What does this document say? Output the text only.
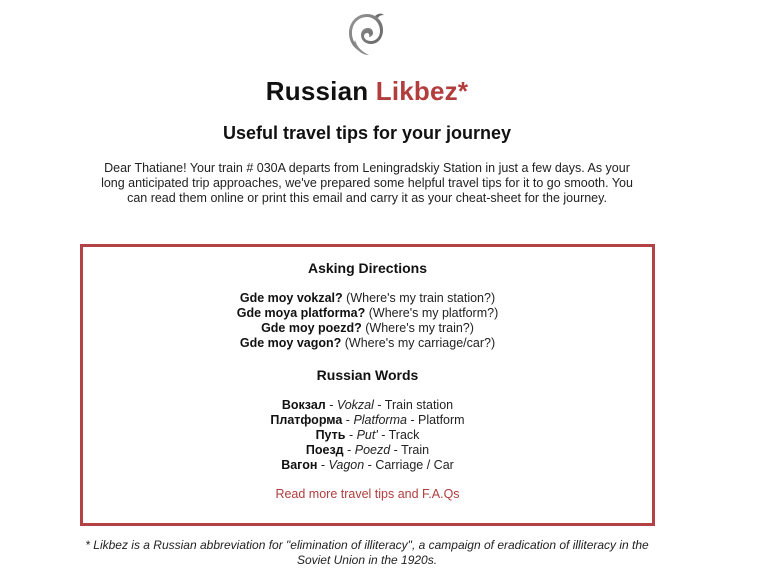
Russian Likbez*
Useful travel tips for your journey
Dear Thatiane! Your train # 030A departs from Leningradskiy Station in just a few days. As your long anticipated trip approaches, we've prepared some helpful travel tips for it to go smooth. You can read them online or print this email and carry it as your cheat-sheet for the journey.
Asking Directions
Gde moy vokzal? (Where's my train station?)
Gde moya platforma? (Where's my platform?)
Gde moy poezd? (Where's my train?)
Gde moy vagon? (Where's my carriage/car?)
Russian Words
Вокзал - Vokzal - Train station
Платформа - Platforma - Platform
Путь - Put' - Track
Поезд - Poezd - Train
Вагон - Vagon - Carriage / Car
Read more travel tips and F.A.Qs
* Likbez is a Russian abbreviation for "elimination of illiteracy", a campaign of eradication of illiteracy in the Soviet Union in the 1920s.
